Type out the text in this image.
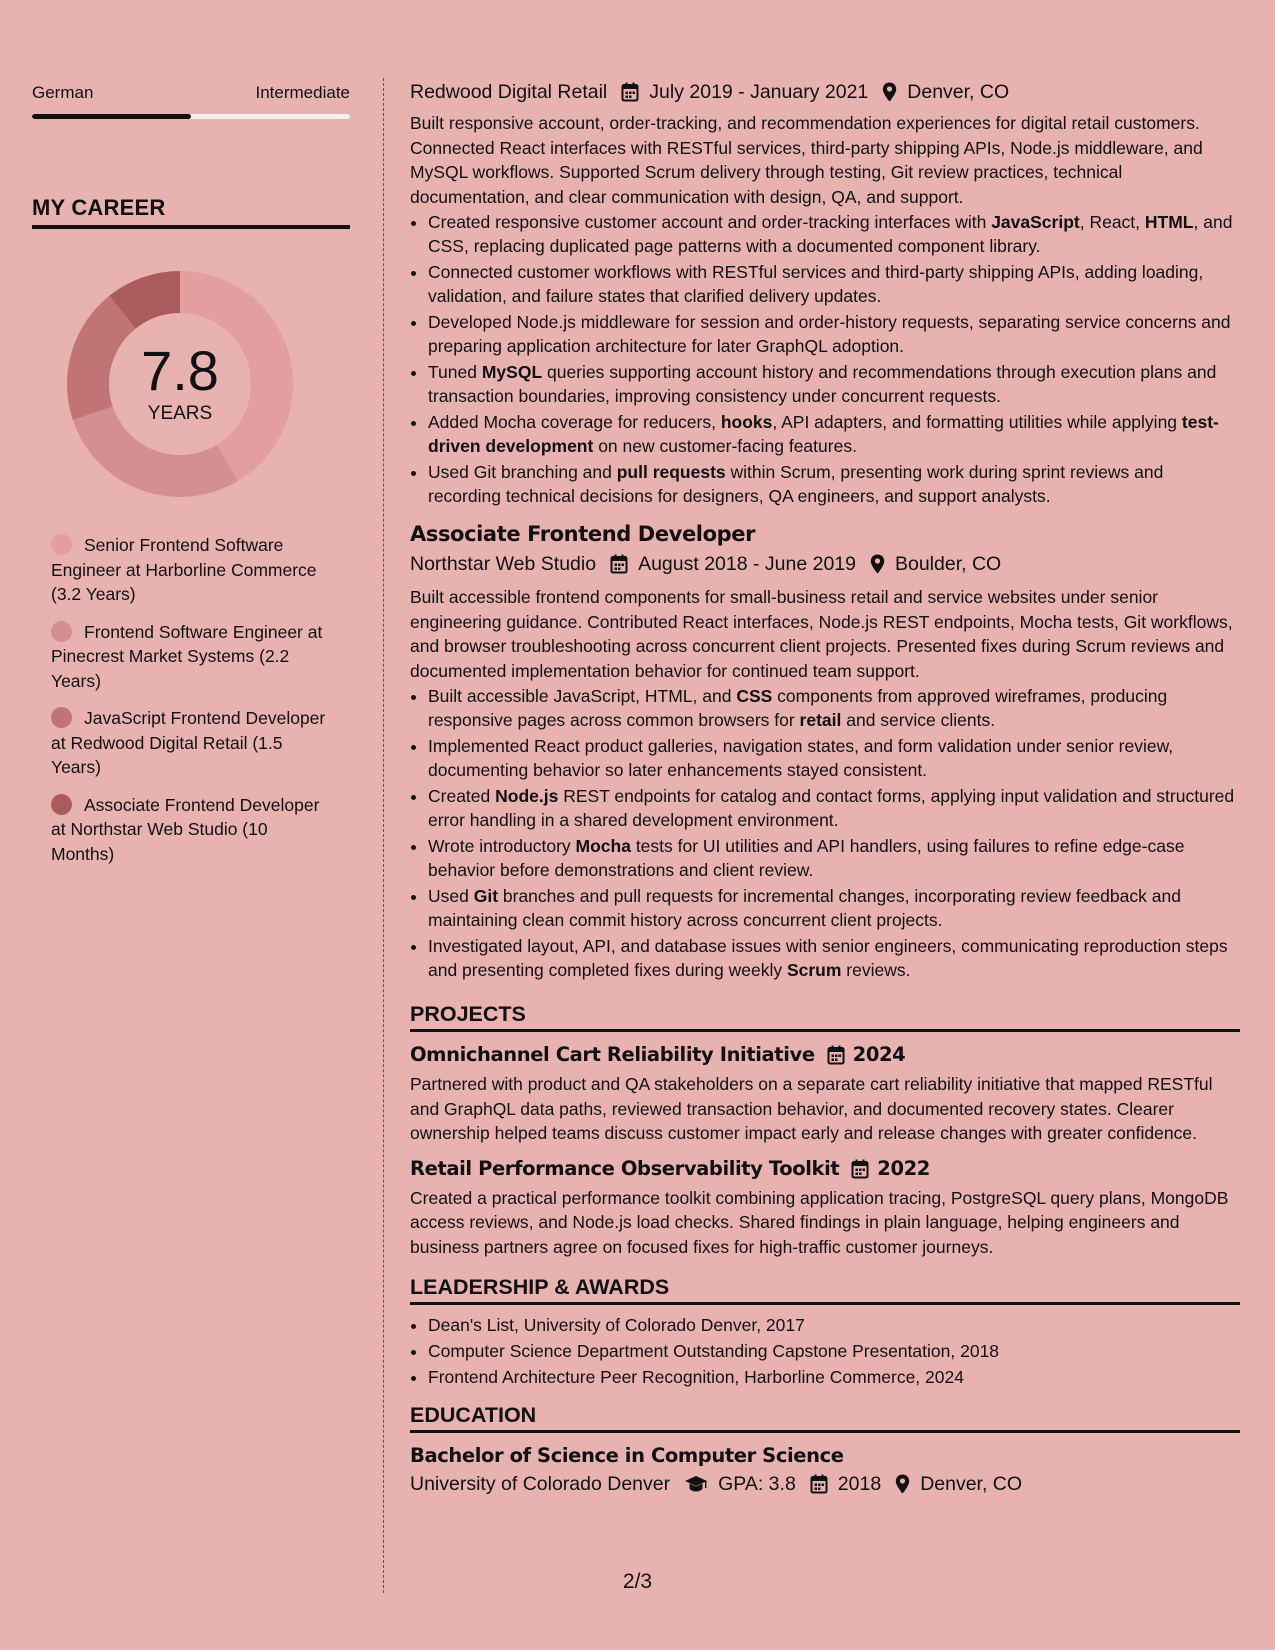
German	Intermediate
MY CAREER
7.8
YEARS
Senior Frontend Software Engineer at Harborline Commerce (3.2 Years)
Frontend Software Engineer at Pinecrest Market Systems (2.2 Years)
JavaScript Frontend Developer at Redwood Digital Retail (1.5 Years)
Associate Frontend Developer at Northstar Web Studio (10 Months)
Redwood Digital Retail July 2019 - January 2021 Denver, CO
Built responsive account, order-tracking, and recommendation experiences for digital retail customers. Connected React interfaces with RESTful services, third-party shipping APIs, Node.js middleware, and MySQL workflows. Supported Scrum delivery through testing, Git review practices, technical documentation, and clear communication with design, QA, and support.
• Created responsive customer account and order-tracking interfaces with JavaScript, React, HTML, and CSS, replacing duplicated page patterns with a documented component library.
• Connected customer workflows with RESTful services and third-party shipping APIs, adding loading, validation, and failure states that clarified delivery updates.
• Developed Node.js middleware for session and order-history requests, separating service concerns and preparing application architecture for later GraphQL adoption.
• Tuned MySQL queries supporting account history and recommendations through execution plans and transaction boundaries, improving consistency under concurrent requests.
• Added Mocha coverage for reducers, hooks, API adapters, and formatting utilities while applying test-driven development on new customer-facing features.
• Used Git branching and pull requests within Scrum, presenting work during sprint reviews and recording technical decisions for designers, QA engineers, and support analysts.
Associate Frontend Developer
Northstar Web Studio August 2018 - June 2019 Boulder, CO
Built accessible frontend components for small-business retail and service websites under senior engineering guidance. Contributed React interfaces, Node.js REST endpoints, Mocha tests, Git workflows, and browser troubleshooting across concurrent client projects. Presented fixes during Scrum reviews and documented implementation behavior for continued team support.
• Built accessible JavaScript, HTML, and CSS components from approved wireframes, producing responsive pages across common browsers for retail and service clients.
• Implemented React product galleries, navigation states, and form validation under senior review, documenting behavior so later enhancements stayed consistent.
• Created Node.js REST endpoints for catalog and contact forms, applying input validation and structured error handling in a shared development environment.
• Wrote introductory Mocha tests for UI utilities and API handlers, using failures to refine edge-case behavior before demonstrations and client review.
• Used Git branches and pull requests for incremental changes, incorporating review feedback and maintaining clean commit history across concurrent client projects.
• Investigated layout, API, and database issues with senior engineers, communicating reproduction steps and presenting completed fixes during weekly Scrum reviews.
PROJECTS
Omnichannel Cart Reliability Initiative 2024
Partnered with product and QA stakeholders on a separate cart reliability initiative that mapped RESTful and GraphQL data paths, reviewed transaction behavior, and documented recovery states. Clearer ownership helped teams discuss customer impact early and release changes with greater confidence.
Retail Performance Observability Toolkit 2022
Created a practical performance toolkit combining application tracing, PostgreSQL query plans, MongoDB access reviews, and Node.js load checks. Shared findings in plain language, helping engineers and business partners agree on focused fixes for high-traffic customer journeys.
LEADERSHIP & AWARDS
• Dean's List, University of Colorado Denver, 2017
• Computer Science Department Outstanding Capstone Presentation, 2018
• Frontend Architecture Peer Recognition, Harborline Commerce, 2024
EDUCATION
Bachelor of Science in Computer Science
University of Colorado Denver GPA: 3.8 2018 Denver, CO
2/3
